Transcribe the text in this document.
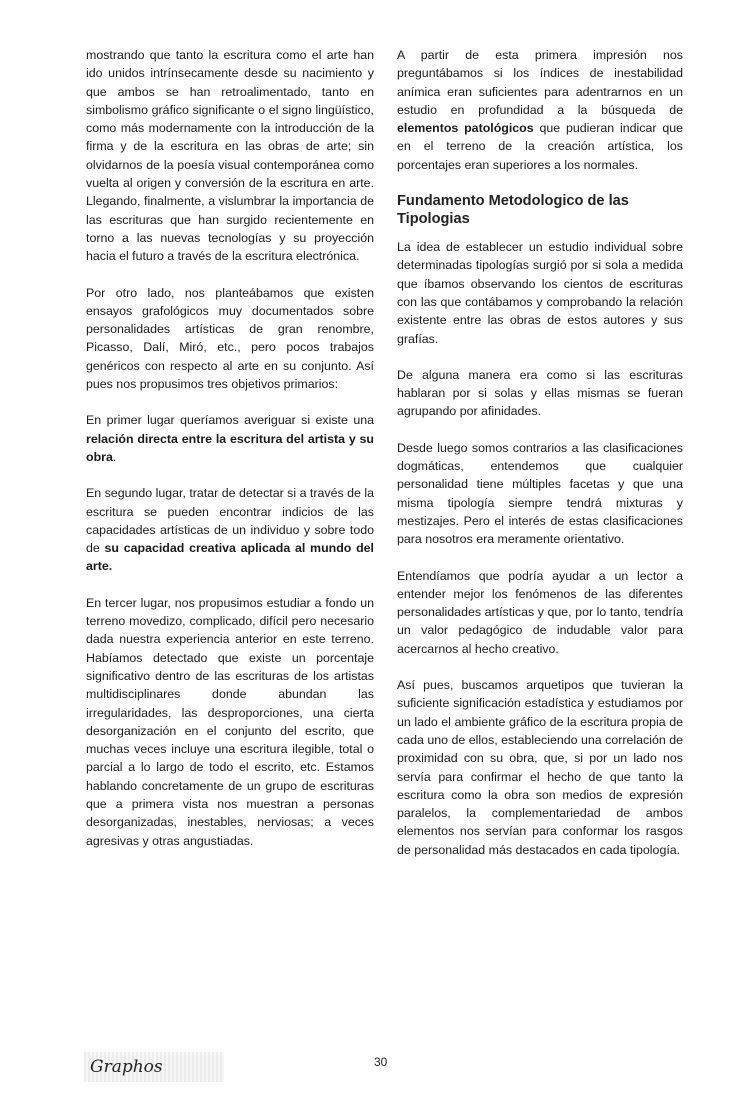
mostrando que tanto la escritura como el arte han ido unidos intrínsecamente desde su nacimiento y que ambos se han retroalimentado, tanto en simbolismo gráfico significante o el signo lingüístico, como más modernamente con la introducción de la firma y de la escritura en las obras de arte; sin olvidarnos de la poesía visual contemporánea como vuelta al origen y conversión de la escritura en arte. Llegando, finalmente, a vislumbrar la importancia de las escrituras que han surgido recientemente en torno a las nuevas tecnologías y su proyección hacia el futuro a través de la escritura electrónica.

Por otro lado, nos planteábamos que existen ensayos grafológicos muy documentados sobre personalidades artísticas de gran renombre, Picasso, Dalí, Miró, etc., pero pocos trabajos genéricos con respecto al arte en su conjunto. Así pues nos propusimos tres objetivos primarios:

En primer lugar queríamos averiguar si existe una relación directa entre la escritura del artista y su obra.

En segundo lugar, tratar de detectar si a través de la escritura se pueden encontrar indicios de las capacidades artísticas de un individuo y sobre todo de su capacidad creativa aplicada al mundo del arte.

En tercer lugar, nos propusimos estudiar a fondo un terreno movedizo, complicado, difícil pero necesario dada nuestra experiencia anterior en este terreno. Habíamos detectado que existe un porcentaje significativo dentro de las escrituras de los artistas multidisciplinares donde abundan las irregularidades, las desproporciones, una cierta desorganización en el conjunto del escrito, que muchas veces incluye una escritura ilegible, total o parcial a lo largo de todo el escrito, etc. Estamos hablando concretamente de un grupo de escrituras que a primera vista nos muestran a personas desorganizadas, inestables, nerviosas; a veces agresivas y otras angustiadas.

A partir de esta primera impresión nos preguntábamos si los índices de inestabilidad anímica eran suficientes para adentrarnos en un estudio en profundidad a la búsqueda de elementos patológicos que pudieran indicar que en el terreno de la creación artística, los porcentajes eran superiores a los normales.

Fundamento Metodologico de las Tipologias

La idea de establecer un estudio individual sobre determinadas tipologías surgió por si sola a medida que íbamos observando los cientos de escrituras con las que contábamos y comprobando la relación existente entre las obras de estos autores y sus grafías.

De alguna manera era como si las escrituras hablaran por si solas y ellas mismas se fueran agrupando por afinidades.

Desde luego somos contrarios a las clasificaciones dogmáticas, entendemos que cualquier personalidad tiene múltiples facetas y que una misma tipología siempre tendrá mixturas y mestizajes. Pero el interés de estas clasificaciones para nosotros era meramente orientativo.

Entendíamos que podría ayudar a un lector a entender mejor los fenómenos de las diferentes personalidades artísticas y que, por lo tanto, tendría un valor pedagógico de indudable valor para acercarnos al hecho creativo.

Así pues, buscamos arquetipos que tuvieran la suficiente significación estadística y estudiamos por un lado el ambiente gráfico de la escritura propia de cada uno de ellos, estableciendo una correlación de proximidad con su obra, que, si por un lado nos servía para confirmar el hecho de que tanto la escritura como la obra son medios de expresión paralelos, la complementariedad de ambos elementos nos servían para conformar los rasgos de personalidad más destacados en cada tipología.

Graphos	30
